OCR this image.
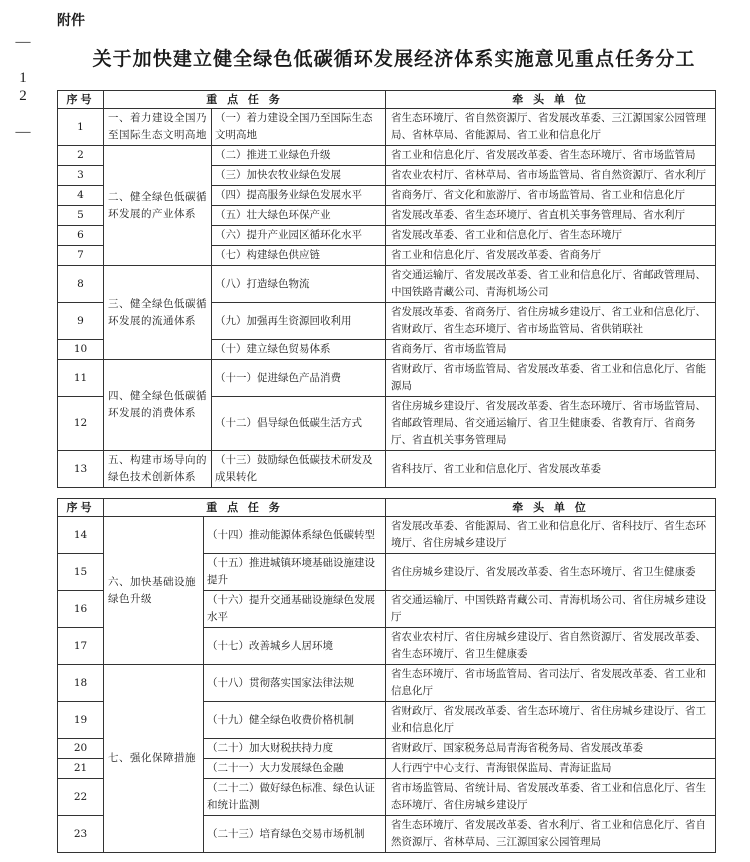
— 12 —
附件
关于加快建立健全绿色低碳循环发展经济体系实施意见重点任务分工
序号	重 点 任 务		牵 头 单 位
1	一、着力建设全国乃至国际生态文明高地	（一）着力建设全国乃至国际生态文明高地	省生态环境厅、省自然资源厅、省发展改革委、三江源国家公园管理局、省林草局、省能源局、省工业和信息化厅
2	二、健全绿色低碳循环发展的产业体系	（二）推进工业绿色升级	省工业和信息化厅、省发展改革委、省生态环境厅、省市场监管局
3		（三）加快农牧业绿色发展	省农业农村厅、省林草局、省市场监管局、省自然资源厅、省水利厅
4		（四）提高服务业绿色发展水平	省商务厅、省文化和旅游厅、省市场监管局、省工业和信息化厅
5		（五）壮大绿色环保产业	省发展改革委、省生态环境厅、省直机关事务管理局、省水利厅
6		（六）提升产业园区循环化水平	省发展改革委、省工业和信息化厅、省生态环境厅
7		（七）构建绿色供应链	省工业和信息化厅、省发展改革委、省商务厅
8	三、健全绿色低碳循环发展的流通体系	（八）打造绿色物流	省交通运输厅、省发展改革委、省工业和信息化厅、省邮政管理局、中国铁路青藏公司、青海机场公司
9		（九）加强再生资源回收利用	省发展改革委、省商务厅、省住房城乡建设厅、省工业和信息化厅、省财政厅、省生态环境厅、省市场监管局、省供销联社
10		（十）建立绿色贸易体系	省商务厅、省市场监管局
11	四、健全绿色低碳循环发展的消费体系	（十一）促进绿色产品消费	省财政厅、省市场监管局、省发展改革委、省工业和信息化厅、省能源局
12		（十二）倡导绿色低碳生活方式	省住房城乡建设厅、省发展改革委、省生态环境厅、省市场监管局、省邮政管理局、省交通运输厅、省卫生健康委、省教育厅、省商务厅、省直机关事务管理局
13	五、构建市场导向的绿色技术创新体系	（十三）鼓励绿色低碳技术研发及成果转化	省科技厅、省工业和信息化厅、省发展改革委
序号	重 点 任 务		牵 头 单 位
14	六、加快基础设施绿色升级	（十四）推动能源体系绿色低碳转型	省发展改革委、省能源局、省工业和信息化厅、省科技厅、省生态环境厅、省住房城乡建设厅
15		（十五）推进城镇环境基础设施建设提升	省住房城乡建设厅、省发展改革委、省生态环境厅、省卫生健康委
16		（十六）提升交通基础设施绿色发展水平	省交通运输厅、中国铁路青藏公司、青海机场公司、省住房城乡建设厅
17		（十七）改善城乡人居环境	省农业农村厅、省住房城乡建设厅、省自然资源厅、省发展改革委、省生态环境厅、省卫生健康委
18	七、强化保障措施	（十八）贯彻落实国家法律法规	省生态环境厅、省市场监管局、省司法厅、省发展改革委、省工业和信息化厅
19		（十九）健全绿色收费价格机制	省财政厅、省发展改革委、省生态环境厅、省住房城乡建设厅、省工业和信息化厅
20		（二十）加大财税扶持力度	省财政厅、国家税务总局青海省税务局、省发展改革委
21		（二十一）大力发展绿色金融	人行西宁中心支行、青海银保监局、青海证监局
22		（二十二）做好绿色标准、绿色认证和统计监测	省市场监管局、省统计局、省发展改革委、省工业和信息化厅、省生态环境厅、省住房城乡建设厅
23		（二十三）培育绿色交易市场机制	省生态环境厅、省发展改革委、省水利厅、省工业和信息化厅、省自然资源厅、省林草局、三江源国家公园管理局
